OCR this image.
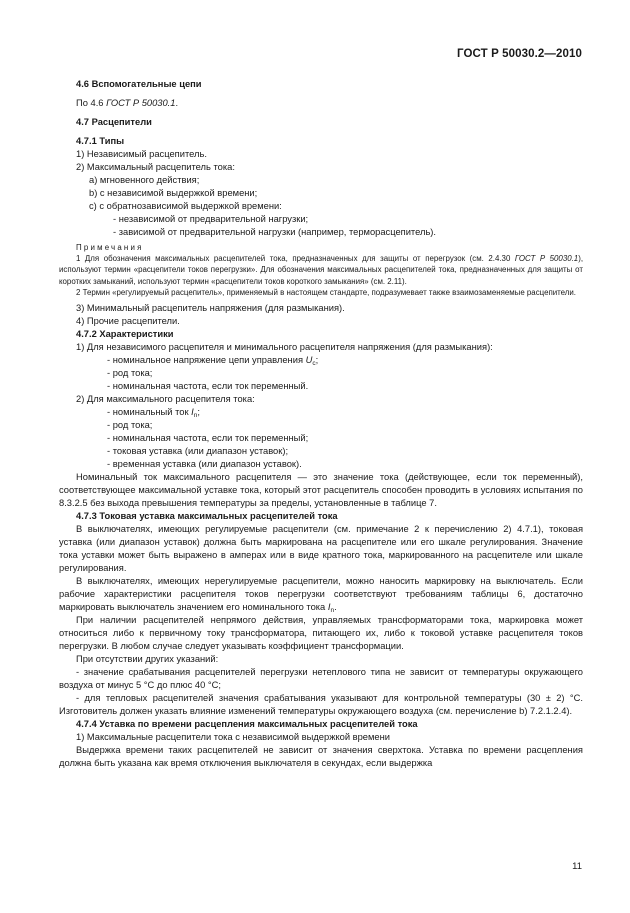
ГОСТ Р 50030.2—2010
4.6 Вспомогательные цепи
По 4.6 ГОСТ Р 50030.1.
4.7 Расцепители
4.7.1 Типы
1) Независимый расцепитель.
2) Максимальный расцепитель тока:
а) мгновенного действия;
b) с независимой выдержкой времени;
с) с обратнозависимой выдержкой времени:
- независимой от предварительной нагрузки;
- зависимой от предварительной нагрузки (например, терморасцепитель).
Примечания
1 Для обозначения максимальных расцепителей тока, предназначенных для защиты от перегрузок (см. 2.4.30 ГОСТ Р 50030.1), используют термин «расцепители токов перегрузки». Для обозначения максимальных расцепителей тока, предназначенных для защиты от коротких замыканий, используют термин «расцепители токов короткого замыкания» (см. 2.11).
2 Термин «регулируемый расцепитель», применяемый в настоящем стандарте, подразумевает также взаимозаменяемые расцепители.
3) Минимальный расцепитель напряжения (для размыкания).
4) Прочие расцепители.
4.7.2 Характеристики
1) Для независимого расцепителя и минимального расцепителя напряжения (для размыкания):
- номинальное напряжение цепи управления $U_c$;
- род тока;
- номинальная частота, если ток переменный.
2) Для максимального расцепителя тока:
- номинальный ток $I_n$;
- род тока;
- номинальная частота, если ток переменный;
- токовая уставка (или диапазон уставок);
- временная уставка (или диапазон уставок).
Номинальный ток максимального расцепителя — это значение тока (действующее, если ток переменный), соответствующее максимальной уставке тока, который этот расцепитель способен проводить в условиях испытания по 8.3.2.5 без выхода превышения температуры за пределы, установленные в таблице 7.
4.7.3 Токовая уставка максимальных расцепителей тока
В выключателях, имеющих регулируемые расцепители (см. примечание 2 к перечислению 2) 4.7.1), токовая уставка (или диапазон уставок) должна быть маркирована на расцепителе или его шкале регулирования. Значение тока уставки может быть выражено в амперах или в виде кратного тока, маркированного на расцепителе или шкале регулирования.
В выключателях, имеющих нерегулируемые расцепители, можно наносить маркировку на выключатель. Если рабочие характеристики расцепителя токов перегрузки соответствуют требованиям таблицы 6, достаточно маркировать выключатель значением его номинального тока $I_n$.
При наличии расцепителей непрямого действия, управляемых трансформаторами тока, маркировка может относиться либо к первичному току трансформатора, питающего их, либо к токовой уставке расцепителя токов перегрузки. В любом случае следует указывать коэффициент трансформации.
При отсутствии других указаний:
- значение срабатывания расцепителей перегрузки нетеплового типа не зависит от температуры окружающего воздуха от минус 5 °С до плюс 40 °С;
- для тепловых расцепителей значения срабатывания указывают для контрольной температуры (30 ± 2) °С. Изготовитель должен указать влияние изменений температуры окружающего воздуха (см. перечисление b) 7.2.1.2.4).
4.7.4 Уставка по времени расцепления максимальных расцепителей тока
1) Максимальные расцепители тока с независимой выдержкой времени
Выдержка времени таких расцепителей не зависит от значения сверхтока. Уставка по времени расцепления должна быть указана как время отключения выключателя в секундах, если выдержка
11
